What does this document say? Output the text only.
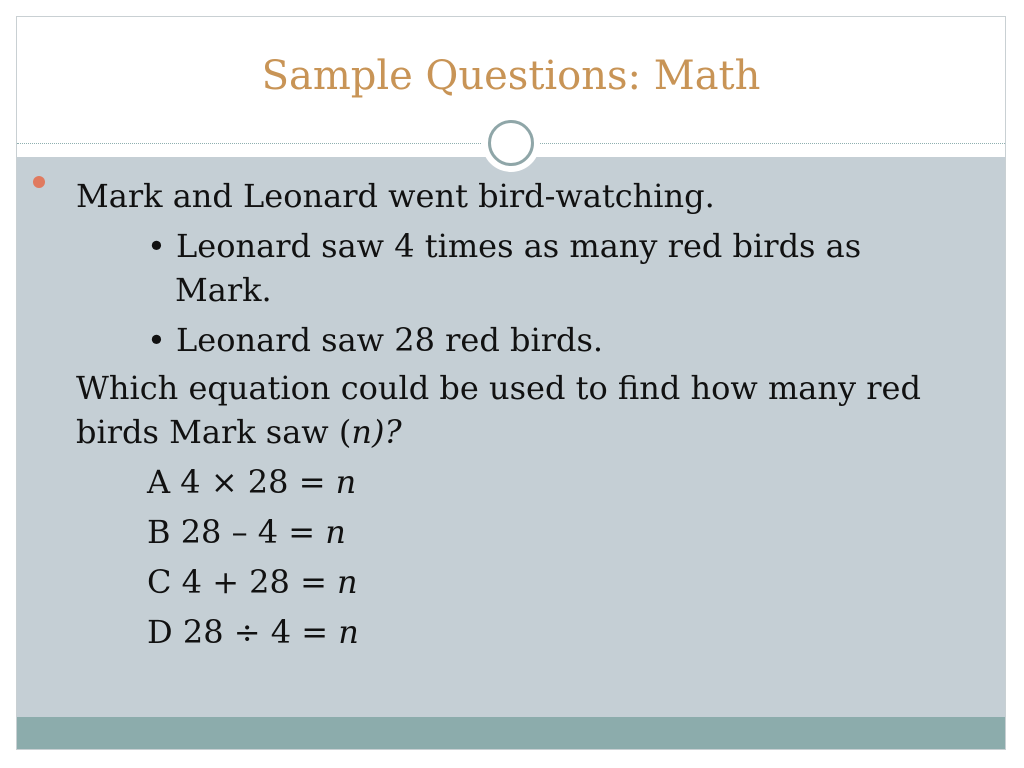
Sample Questions: Math
Mark and Leonard went bird-watching.
• Leonard saw 4 times as many red birds as
Mark.
• Leonard saw 28 red birds.
Which equation could be used to find how many red
birds Mark saw (n)?
A 4 × 28 = n
B 28 – 4 = n
C 4 + 28 = n
D 28 ÷ 4 = n
